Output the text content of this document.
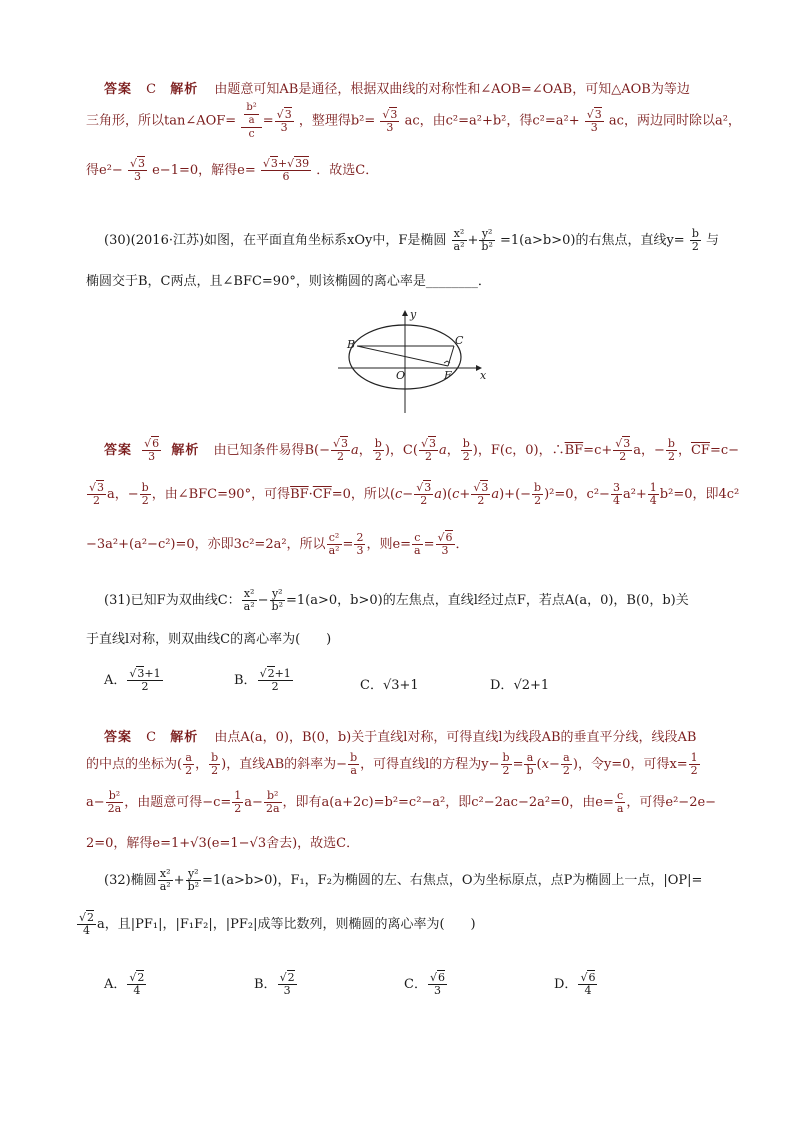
答案 C 解析 由题意可知AB是通径，根据双曲线的对称性和∠AOB=∠OAB，可知△AOB为等边
三角形，所以tan∠AOF= $\frac{\frac{\text{b²}}{a}}{c} = \frac{√3}{3}$ ，整理得$b^2= \frac{√3}{3}$ ac，由c²=a²+b²，得$c^2=a^2+ \frac{√3}{3}$ ac，两边同时除以a²，
得$e^2- \frac{√3}{3} e-1=0$，解得$e= \frac{√3+√39}{6}$ ．故选C．
(30)(2016·江苏)如图，在平面直角坐标系xOy中，F是椭圆 $\frac{\text{x²}}{\text{a²}} + \frac{\text{y²}}{\text{b²}} =1(a>b>0)$的右焦点，直线$y= \frac{b}{2}$ 与
椭圆交于B，C两点，且∠BFC=90°，则该椭圆的离心率是________．
y
x
B	C
O	F
答案 $\frac{√6}{3}$ 解析 由已知条件易得$B(- \frac{√3}{2}$ a， $\frac{b}{2}$ )，$C( \frac{√3}{2}$ a， $\frac{b}{2}$ )，F(c，0)，$\therefore\overline{BF}=c+ \frac{√3}{2}$ a，− $\frac{b}{2}$ ，$\overline{CF}=c-$
$\frac{√3}{2}$ a，− $\frac{b}{2}$ ，由∠BFC=90°，可得$\overline{BF}\cdot\overline{CF}=0$，所以$(c- \frac{√3}{2} a)(c+ \frac{√3}{2} a)+(- \frac{b}{2} )^2=0$，$c^2- \frac{3}{4} a^2+ \frac{1}{4} b^2=0$，即4c²
−3a²+(a²−c²)=0，亦即3c²=2a²，所以 $\frac{\text{c²}}{\text{a²}} = \frac{2}{3}$ ，则$e= \frac{c}{a} = \frac{√6}{3}$ ．
(31)已知F为双曲线C： $\frac{\text{x²}}{\text{a²}} - \frac{\text{y²}}{\text{b²}} =1(a>0$，b>0)的左焦点，直线l经过点F，若点A(a，0)，B(0，b)关
于直线l对称，则双曲线C的离心率为(　　)
A． $\frac{√3+1}{2}$	B． $\frac{√2+1}{2}$	C．√3+1	D．√2+1
答案 C 解析 由点A(a，0)，B(0，b)关于直线l对称，可得直线l为线段AB的垂直平分线，线段AB
的中点的坐标为( $\frac{a}{2}$ ， $\frac{b}{2}$ )，直线AB的斜率为− $\frac{b}{a}$ ，可得直线l的方程为$y- \frac{b}{2} = \frac{a}{b} (x- \frac{a}{2}$ )，令y=0，可得$x= \frac{1}{2}$
$a- \frac{\text{b²}}{2a}$ ，由题意可得$-c= \frac{1}{2} a- \frac{\text{b²}}{2a}$ ，即有a(a+2c)=b²=c²−a²，即c²−2ac−2a²=0，由$e= \frac{c}{a}$ ，可得e²−2e−
2=0，解得e=1+√3(e=1−√3舍去)，故选C．
(32)椭圆 $\frac{\text{x²}}{\text{a²}} + \frac{\text{y²}}{\text{b²}} =1(a>b>0)$，F₁，F₂为椭圆的左、右焦点，O为坐标原点，点P为椭圆上一点，|OP|=
$\frac{√2}{4}$ a，且|PF₁|，|F₁F₂|，|PF₂|成等比数列，则椭圆的离心率为(　　)
A． $\frac{√2}{4}$	B． $\frac{√2}{3}$	C． $\frac{√6}{3}$	D． $\frac{√6}{4}$
